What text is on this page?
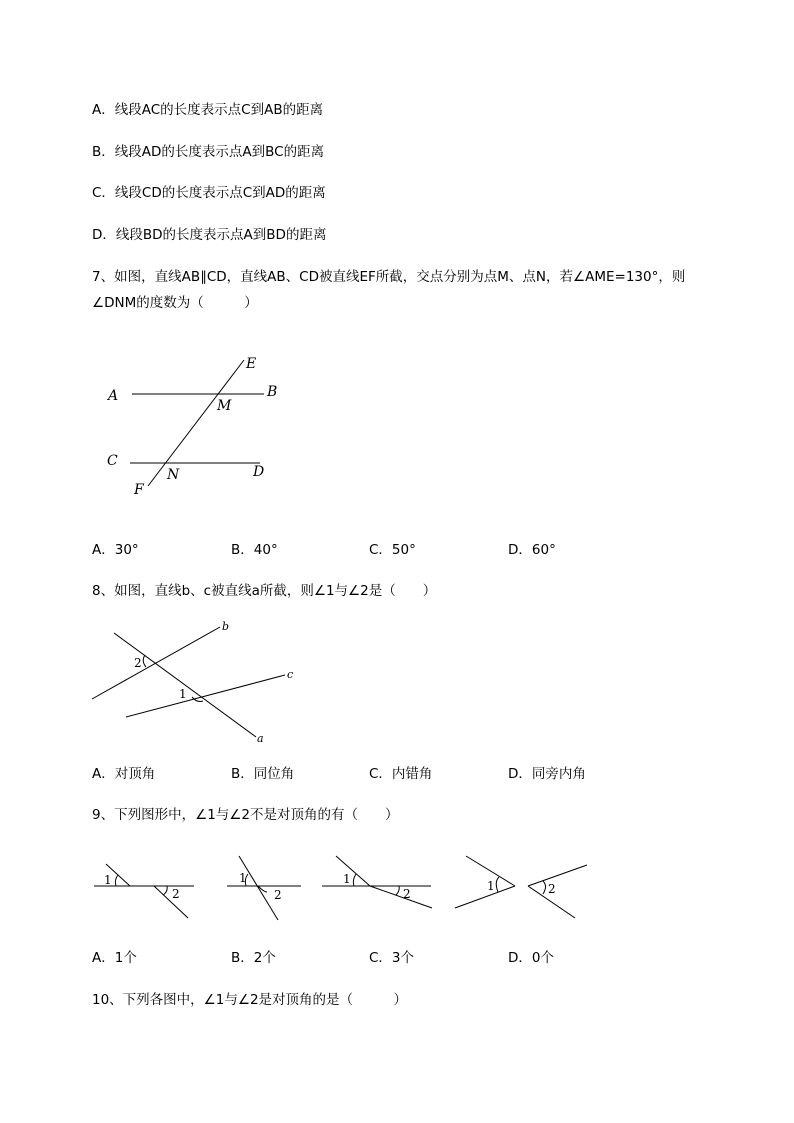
A．线段AC的长度表示点C到AB的距离
B．线段AD的长度表示点A到BC的距离
C．线段CD的长度表示点C到AD的距离
D．线段BD的长度表示点A到BD的距离
7、如图，直线AB∥CD，直线AB、CD被直线EF所截，交点分别为点M、点N，若∠AME=130°，则
∠DNM的度数为（　　　）
A	B
C
D
E
F
M
N
A．30°	B．40°	C．50°	D．60°
8、如图，直线b、c被直线a所截，则∠1与∠2是（　　）
b
c
a
2
1
A．对顶角	B．同位角	C．内错角	D．同旁内角
9、下列图形中，∠1与∠2不是对顶角的有（　　）
1
2
1
2
1
2
1	2
A．1个	B．2个	C．3个	D．0个
10、下列各图中，∠1与∠2是对顶角的是（　　　）
